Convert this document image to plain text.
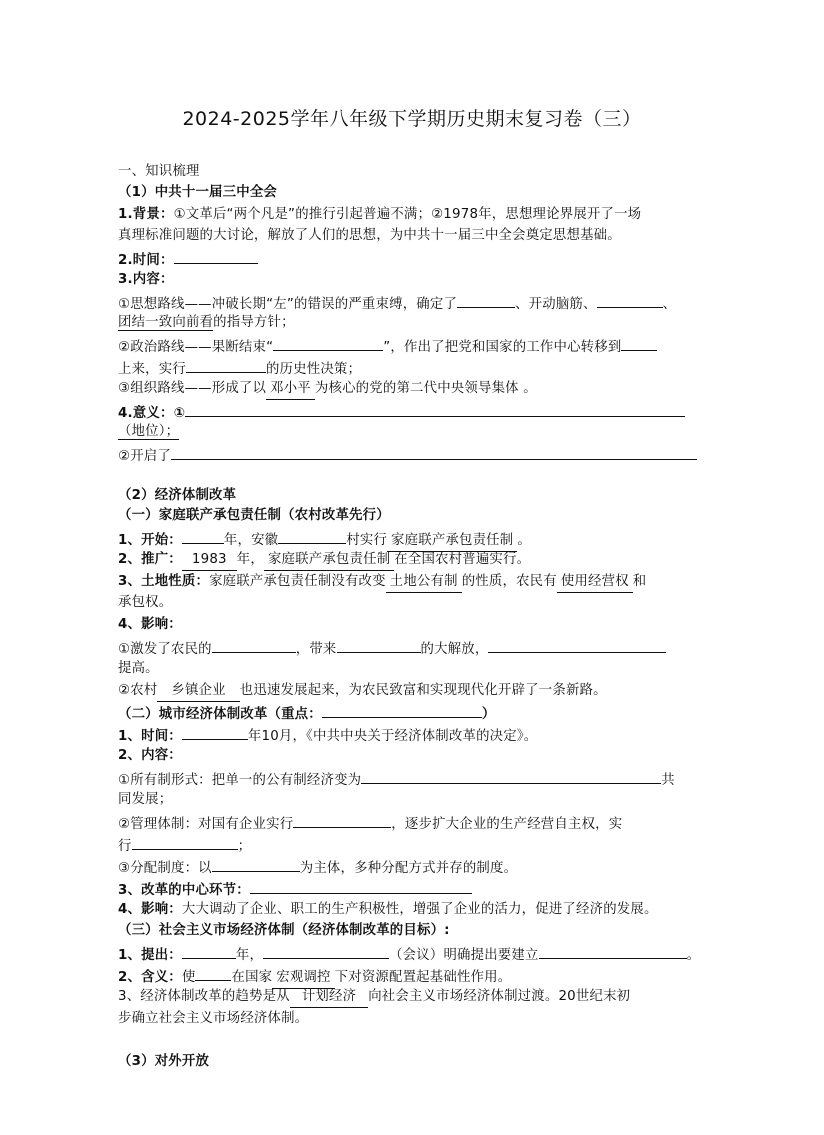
2024-2025学年八年级下学期历史期末复习卷（三）
一、知识梳理
（1）中共十一届三中全会
1.背景：①文革后“两个凡是”的推行引起普遍不满；②1978年，思想理论界展开了一场
真理标准问题的大讨论，解放了人们的思想，为中共十一届三中全会奠定思想基础。
2.时间：
3.内容：
①思想路线——冲破长期“左”的错误的严重束缚，确定了	、开动脑筋、	、
团结一致向前看的指导方针；
②政治路线——果断结束“	”，作出了把党和国家的工作中心转移到
上来，实行	的历史性决策；
③组织路线——形成了以 邓小平 为核心的党的第二代中央领导集体 。
4.意义：①
（地位）；
②开启了
（2）经济体制改革
（一）家庭联产承包责任制（农村改革先行）
1、开始：	年，安徽	村实行 家庭联产承包责任制 。
2、推广： 1983 年， 家庭联产承包责任制 在全国农村普遍实行。
3、土地性质：家庭联产承包责任制没有改变 土地公有制 的性质，农民有 使用经营权 和
承包权。
4、影响：
①激发了农民的	，带来	的大解放，
提高。
②农村 乡镇企业 也迅速发展起来，为农民致富和实现现代化开辟了一条新路。
（二）城市经济体制改革（重点：	）
1、时间：	年10月，《中共中央关于经济体制改革的决定》。
2、内容：
①所有制形式：把单一的公有制经济变为	共
同发展；
②管理体制：对国有企业实行	，逐步扩大企业的生产经营自主权，实
行	；
③分配制度：以	为主体，多种分配方式并存的制度。
3、改革的中心环节：
4、影响：大大调动了企业、职工的生产积极性，增强了企业的活力，促进了经济的发展。
（三）社会主义市场经济体制（经济体制改革的目标）:
1、提出：	年，	（会议）明确提出要建立	。
2、含义：使	在国家 宏观调控 下对资源配置起基础性作用。
3、经济体制改革的趋势是从 计划经济 向社会主义市场经济体制过渡。20世纪末初
步确立社会主义市场经济体制。
（3）对外开放
